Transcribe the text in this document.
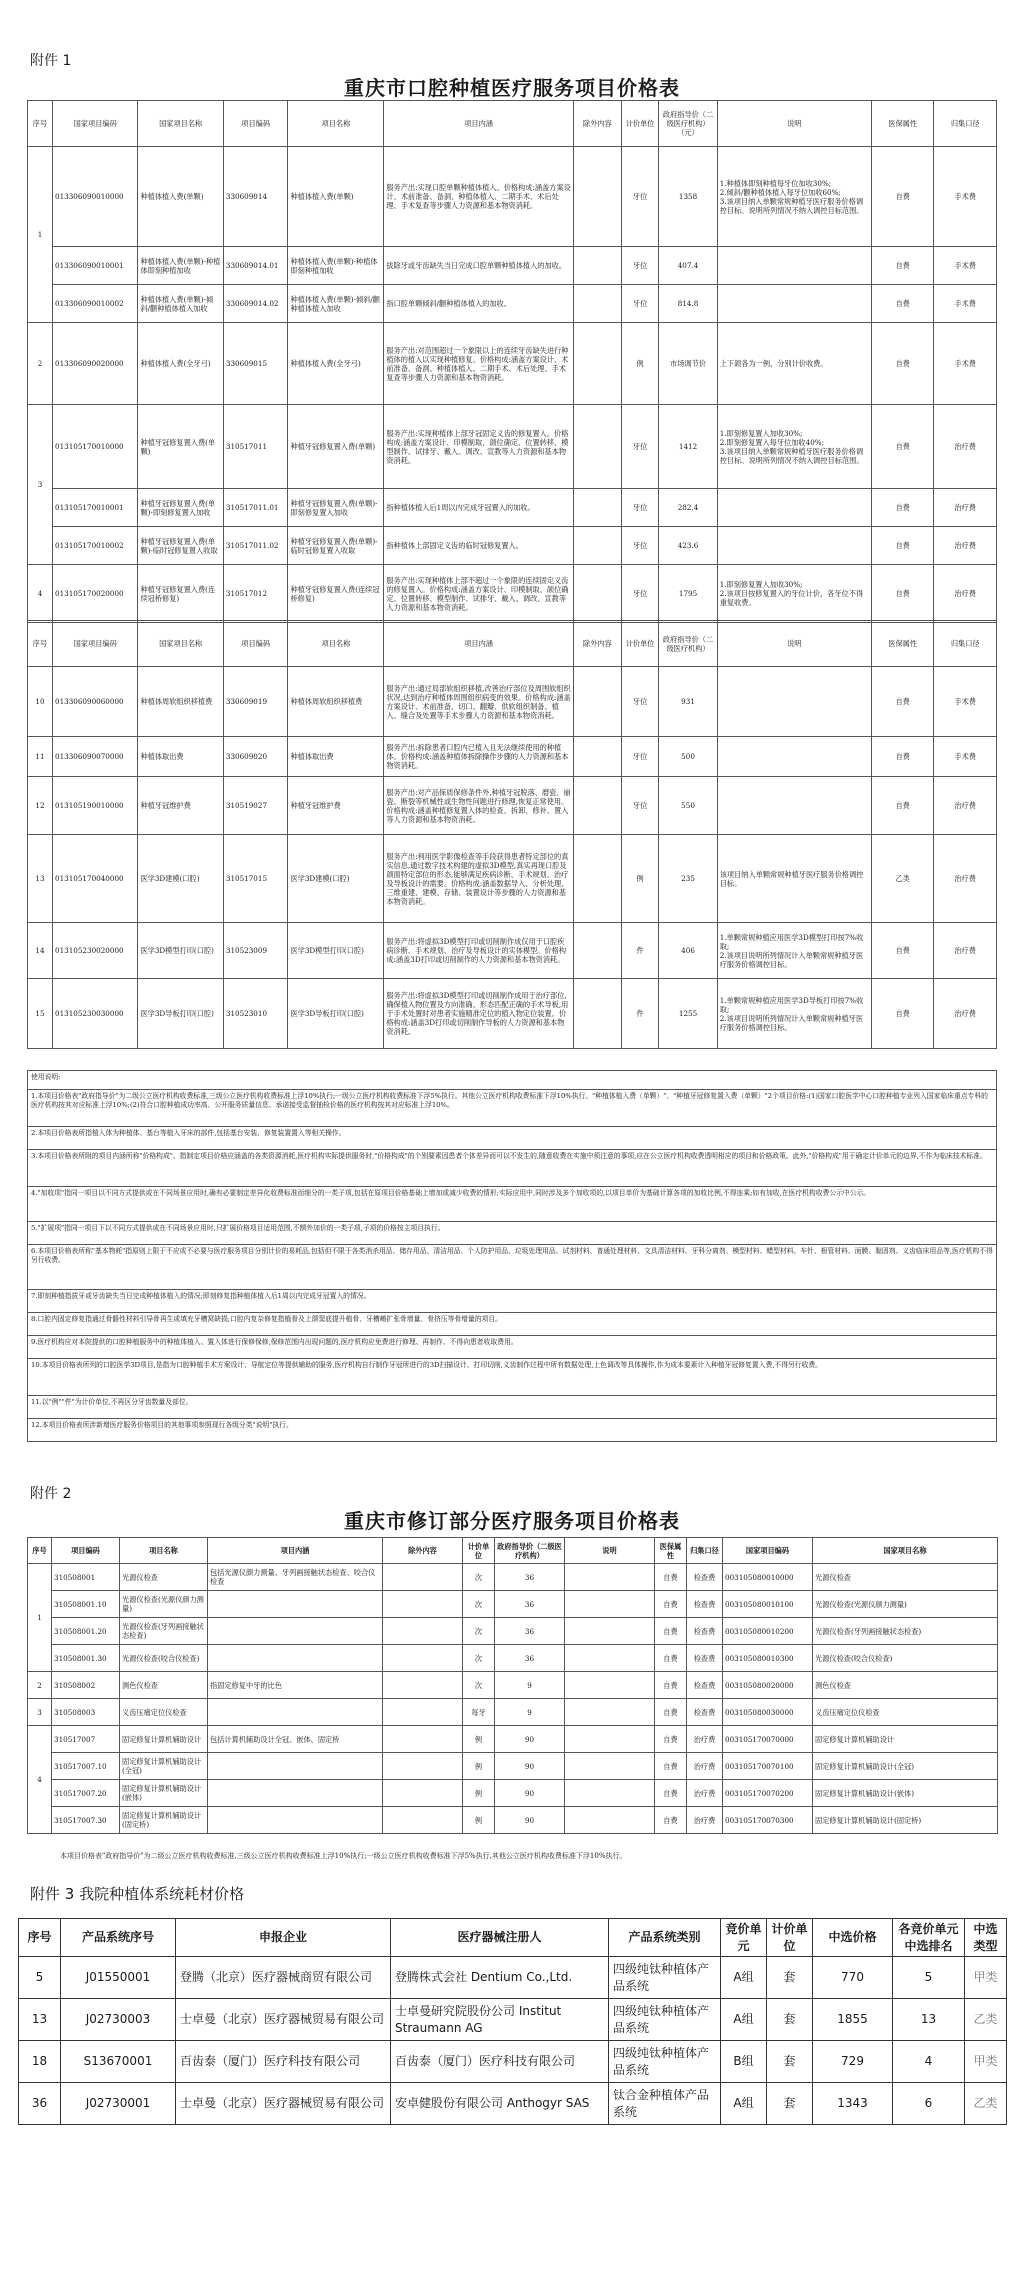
附件 1
重庆市口腔种植医疗服务项目价格表
序号	国家项目编码	国家项目名称	项目编码	项目名称	项目内涵	除外内容	计价单位	政府指导价（二级医疗机构）（元）	说明	医保属性	归集口径
1	013306090010000	种植体植入费(单颗)	330609014	种植体植入费(单颗)	服务产出:实现口腔单颗种植体植入。价格构成:涵盖方案设计、术前准备、备洞、种植体植入、二期手术、术后处理、手术复查等步骤人力资源和基本物资消耗。		牙位	1358	1.种植体即刻种植每牙位加收30%;
2.倾斜/颧种植体植入每牙位加收60%;
3.该项目纳入单颗常规种植牙医疗服务价格调控目标。说明所列情况不纳入调控目标范围。	自费	手术费
	013306090010001	种植体植入费(单颗)-种植体即刻种植加收	330609014.01	种植体植入费(单颗)-种植体即刻种植加收	拔除牙或牙齿缺失当日完成口腔单颗种植体植入的加收。		牙位	407.4		自费	手术费
	013306090010002	种植体植入费(单颗)-倾斜/颧种植体植入加收	330609014.02	种植体植入费(单颗)-倾斜/颧种植体植入加收	指口腔单颗倾斜/颧种植体植入的加收。		牙位	814.8		自费	手术费
2	013306090020000	种植体植入费(全牙弓)	330609015	种植体植入费(全牙弓)	服务产出:对范围超过一个象限以上的连续牙齿缺失进行种植体的植入以实现种植修复。价格构成:涵盖方案设计、术前准备、备洞、种植体植入、二期手术、术后处理、手术复查等步骤人力资源和基本物资消耗。		例	市场调节价	上下颌各为一例，分别计价收费。	自费	手术费
3	013105170010000	种植牙冠修复置入费(单颗)	310517011	种植牙冠修复置入费(单颗)	服务产出:实现种植体上部牙冠固定义齿的修复置入。价格构成:涵盖方案设计、印模制取、颌位确定、位置转移、模型制作、试排牙、戴入、调改、宣教等人力资源和基本物资消耗。		牙位	1412	1.即刻修复置入加收30%;
2.即刻修复置入每牙位加收40%;
3.该项目纳入单颗常规种植牙医疗服务价格调控目标。说明所列情况不纳入调控目标范围。	自费	治疗费
	013105170010001	种植牙冠修复置入费(单颗)-即刻修复置入加收	310517011.01	种植牙冠修复置入费(单颗)-即刻修复置入加收	指种植体植入后1周以内完成牙冠置入的加收。		牙位	282.4		自费	治疗费
	013105170010002	种植牙冠修复置入费(单颗)-临时冠修复置入收取	310517011.02	种植牙冠修复置入费(单颗)-临时冠修复置入收取	指种植体上部固定义齿的临时冠修复置入。		牙位	423.6		自费	治疗费
4	013105170020000	种植牙冠修复置入费(连续冠桥修复)	310517012	种植牙冠修复置入费(连续冠桥修复)	服务产出:实现种植体上部不超过一个象限的连续固定义齿的修复置入。价格构成:涵盖方案设计、印模制取、颌位确定、位置转移、模型制作、试排牙、戴入、调改、宣教等人力资源和基本物资消耗。		牙位	1795	1.即刻修复置入加收30%;
2.该项目按修复置入的牙位计价，各牙位不得重复收费。	自费	治疗费
序号	国家项目编码	国家项目名称	项目编码	项目名称	项目内涵	除外内容	计价单位	政府指导价（二级医疗机构）	说明	医保属性	归集口径
10	013306090060000	种植体周软组织移植费	330609019	种植体周软组织移植费	服务产出:通过局部软组织移植,改善治疗部位及周围软组织状况,达到治疗种植体周围组织病变的效果。价格构成:涵盖方案设计、术前准备、切口、翻瓣、供软组织制备、植入、缝合及处置等手术步骤人力资源和基本物资消耗。		牙位	931		自费	手术费
11	013306090070000	种植体取出费	330609020	种植体取出费	服务产出:拆除患者口腔内已植入且无法继续使用的种植体。价格构成:涵盖种植体拆除操作步骤的人力资源和基本物资消耗。		牙位	500		自费	手术费
12	013105190010000	种植牙冠维护费	310519027	种植牙冠维护费	服务产出:对产品保质保修条件外,种植牙冠脱落、磨瓷、崩瓷、断裂等机械性或生物性问题进行修理,恢复正常使用。价格构成:涵盖种植修复置入体的检查、拆卸、修补、置入等人力资源和基本物资消耗。		牙位	550		自费	治疗费
13	013105170040000	医学3D建模(口腔)	310517015	医学3D建模(口腔)	服务产出:利用医学影像检查等手段获得患者特定部位的真实信息,通过数字技术构建的虚拟3D模型,真实再现口腔及颌面特定部位的形态,能够满足疾病诊断、手术规划、治疗及导板设计的需要。价格构成:涵盖数据导入、分析处理、三维重建、建模、存储、装置设计等步骤的人力资源和基本物资消耗。		例	235	该项目纳入单颗常规种植牙医疗服务价格调控目标。	乙类	治疗费
14	013105230020000	医学3D模型打印(口腔)	310523009	医学3D模型打印(口腔)	服务产出:将虚拟3D模型打印或切削制作成仅用于口腔疾病诊断、手术规划、治疗及导板设计的实体模型。价格构成:涵盖3D打印或切削制作的人力资源和基本物资消耗。		件	406	1.单颗常规种植应用医学3D模型打印按7%收取;
2.该项目说明所列情况计入单颗常规种植牙医疗服务价格调控目标。	自费	治疗费
15	013105230030000	医学3D导板打印(口腔)	310523010	医学3D导板打印(口腔)	服务产出:将虚拟3D模型打印或切削制作成用于治疗部位,确保植入物位置及方向准确、形态匹配正确的手术导板,用于手术处置时对患者实施精准定位的植入物定位装置。价格构成:涵盖3D打印或切削制作导板的人力资源和基本物资消耗。		件	1255	1.单颗常规种植应用医学3D导板打印按7%收取;
2.该项目说明所列情况计入单颗常规种植牙医疗服务价格调控目标。	自费	治疗费
使用说明:
1.本项目价格表"政府指导价"为二级公立医疗机构收费标准,三级公立医疗机构收费标准上浮10%执行;一级公立医疗机构收费标准下浮5%执行。其他公立医疗机构收费标准下浮10%执行。"种植体植入费（单颗）"、"种植牙冠修复置入费（单颗）"2个项目价格:(1)国家口腔医学中心口腔种植专业列入国家临床重点专科的医疗机构按其对应标准上浮10%;(2)符合口腔种植成功率高、公开服务质量信息、承诺接受监督抽检价格的医疗机构按其对应标准上浮10%。
2.本项目价格表所指植入体为种植体、基台等植入牙床的部件,包括基台安装、修复装置置入等相关操作。
3.本项目价格表所附的项目内涵所称"价格构成"、指制定项目价格应涵盖的各类资源消耗,医疗机构实际提供服务时,"价格构成"的个别要素因患者个体差异而可以不发生的,随意收费在实施中须注意的事项,应在公立医疗机构收费透明相应的项目和价格政策。此外,"价格构成"用于确定计价单元的边界,不作为临床技术标准。
4."加收项"指同一项目以不同方式提供或在不同场景应用时,确有必要制定差异化收费标准而细分的一类子项,包括在原项目价格基础上增加或减少收费的情形;实际应用中,同时涉及多个加收项的,以项目单价为基础计算各项的加收比例,不得连乘;如有加收,在医疗机构收费公示中公示。
5."扩展项"指同一项目下以不同方式提供或在不同场景应用时,只扩展价格项目适用范围,不额外加价的一类子项,子项的价格按主项目执行。
6.本项目价格表所称"基本物耗"指原则上限于不应或不必要与医疗服务项目分别计价的易耗品,包括但不限于各类消杀用品、储存用品、清洁用品、个人防护用品、垃圾处理用品、试剂材料、普通处理材料、文具清洁材料、牙科分离剂、模型材料、蜡型材料、车针、根管材料、面膜、黏固剂、义齿临床用品等,医疗机构不得另行收费。
7.即刻种植指拔牙或牙齿缺失当日完成种植体植入的情况;即刻修复指种植体植入后1周以内完成牙冠置入的情况。
8.口腔内固定修复指通过骨骼性材料引导骨再生或填充牙槽窝缺损;口腔内复杂修复指植骨及上颌窦底提升植骨、牙槽嵴扩张骨增量、骨挤压等骨增量的项目。
9.医疗机构应对本院提供的口腔种植服务中的种植体植入、置入体进行保修保修,保修范围内出现问题的,医疗机构应免费进行修理、再制作、不得向患者收取费用。
10.本项目价格表所列的口腔医学3D项目,是指为口腔种植手术方案设计、导航定位等提供辅助的服务,医疗机构自行制作牙冠所进行的3D扫描设计、打印切削,义齿制作过程中所有数据处理,上色调改等具体操作,作为成本要素计入种植牙冠修复置入费,不得另行收费。
11.以"例""件"为计价单位,不再区分牙齿数量及部位。
12.本项目价格表所涉新增医疗服务价格项目的其他事项参照现行各级分类"说明"执行。
附件 2
重庆市修订部分医疗服务项目价格表
序号	项目编码	项目名称	项目内涵	除外内容	计价单位	政府指导价（二级医疗机构）	说明	医保属性	归集口径	国家项目编码	国家项目名称
1	310508001	光源仪检查	包括光源仪颜力测量、牙列画接触状态检查、咬合仪检查		次	36		自费	检查费	003105080010000	光源仪检查
	310508001.10	光源仪检查(光源仪颜力测量)			次	36		自费	检查费	003105080010100	光源仪检查(光源仪颜力测量)
	310508001.20	光源仪检查(牙列画接触状态检查)			次	36		自费	检查费	003105080010200	光源仪检查(牙列画接触状态检查)
	310508001.30	光源仪检查(咬合仪检查)			次	36		自费	检查费	003105080010300	光源仪检查(咬合仪检查)
2	310508002	测色仪检查	指固定修复中牙的比色		次	9		自费	检查费	003105080020000	测色仪检查
3	310508003	义齿压痛定位仪检查			每牙	9		自费	检查费	003105080030000	义齿压痛定位仪检查
4	310517007	固定修复计算机辅助设计	包括计算机辅助设计全冠、嵌体、固定桥		例	90		自费	治疗费	003105170070000	固定修复计算机辅助设计
	310517007.10	固定修复计算机辅助设计(全冠)			例	90		自费	治疗费	003105170070100	固定修复计算机辅助设计(全冠)
	310517007.20	固定修复计算机辅助设计(嵌体)			例	90		自费	治疗费	003105170070200	固定修复计算机辅助设计(嵌体)
	310517007.30	固定修复计算机辅助设计(固定桥)			例	90		自费	治疗费	003105170070300	固定修复计算机辅助设计(固定桥)
本项目价格表"政府指导价"为二级公立医疗机构收费标准,三级公立医疗机构收费标准上浮10%执行;一级公立医疗机构收费标准下浮5%执行,其他公立医疗机构收费标准下浮10%执行。
附件 3 我院种植体系统耗材价格
序号	产品系统序号	申报企业	医疗器械注册人	产品系统类别	竞价单元	计价单位	中选价格	各竞价单元中选排名	中选类型
5	J01550001	登腾（北京）医疗器械商贸有限公司	登腾株式会社 Dentium Co.,Ltd.	四级纯钛种植体产品系统	A组	套	770	5	甲类
13	J02730003	士卓曼（北京）医疗器械贸易有限公司	士卓曼研究院股份公司 Institut Straumann AG	四级纯钛种植体产品系统	A组	套	1855	13	乙类
18	S13670001	百齿泰（厦门）医疗科技有限公司	百齿泰（厦门）医疗科技有限公司	四级纯钛种植体产品系统	B组	套	729	4	甲类
36	J02730001	士卓曼（北京）医疗器械贸易有限公司	安卓健股份有限公司 Anthogyr SAS	钛合金种植体产品系统	A组	套	1343	6	乙类
